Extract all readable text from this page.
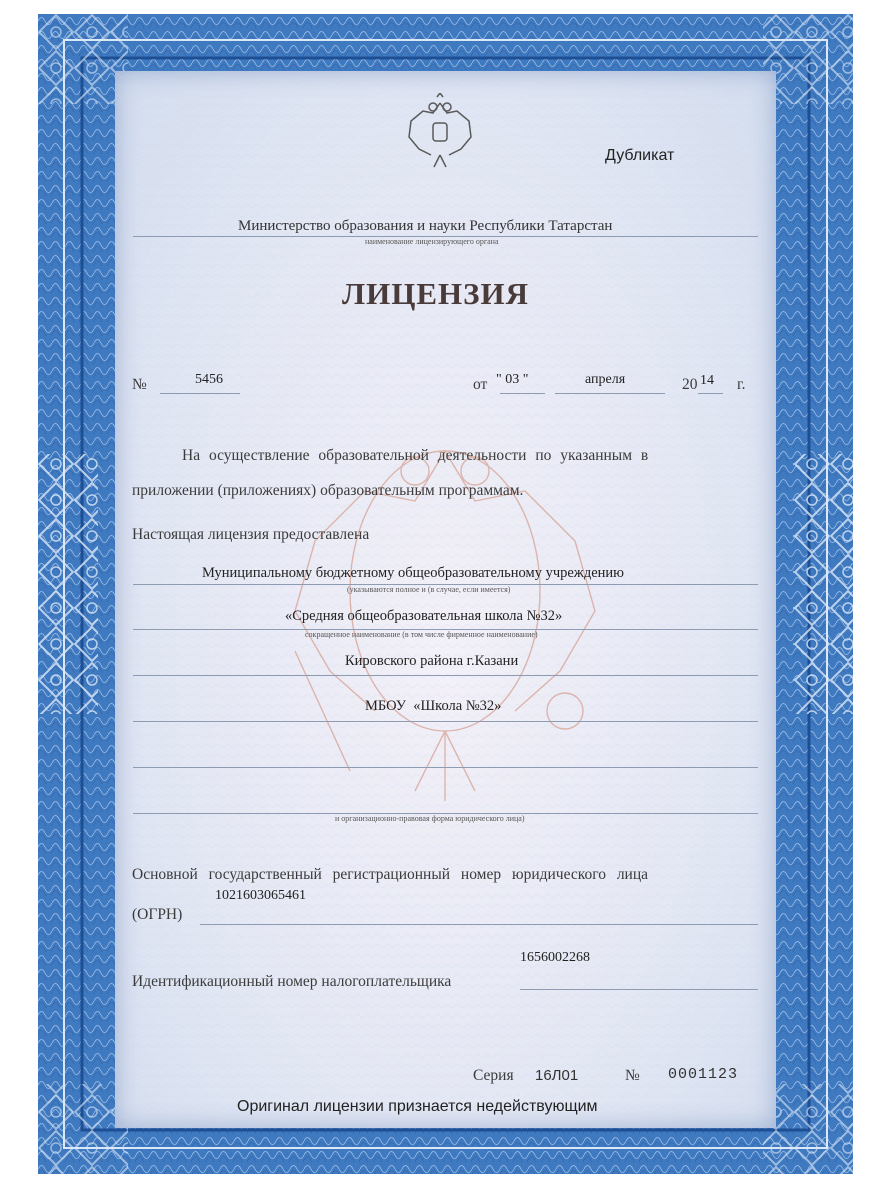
Дубликат
Министерство образования и науки Республики Татарстан
наименование лицензирующего органа
ЛИЦЕНЗИЯ
№	5456	от " 03 "	апреля	20 14 г.
На осуществление образовательной деятельности по указанным в
приложении (приложениях) образовательным программам.
Настоящая лицензия предоставлена
Муниципальному бюджетному общеобразовательному учреждению
(указываются полное и (в случае, если имеется)
«Средняя общеобразовательная школа №32»
сокращенное наименование (в том числе фирменное наименование)
Кировского района г.Казани
МБОУ  «Школа №32»
и организационно-правовая форма юридического лица)
Основной государственный регистрационный номер юридического лица
1021603065461
(ОГРН)
1656002268
Идентификационный номер налогоплательщика
Серия 16Л01	№ 0001123
Оригинал лицензии признается недействующим
